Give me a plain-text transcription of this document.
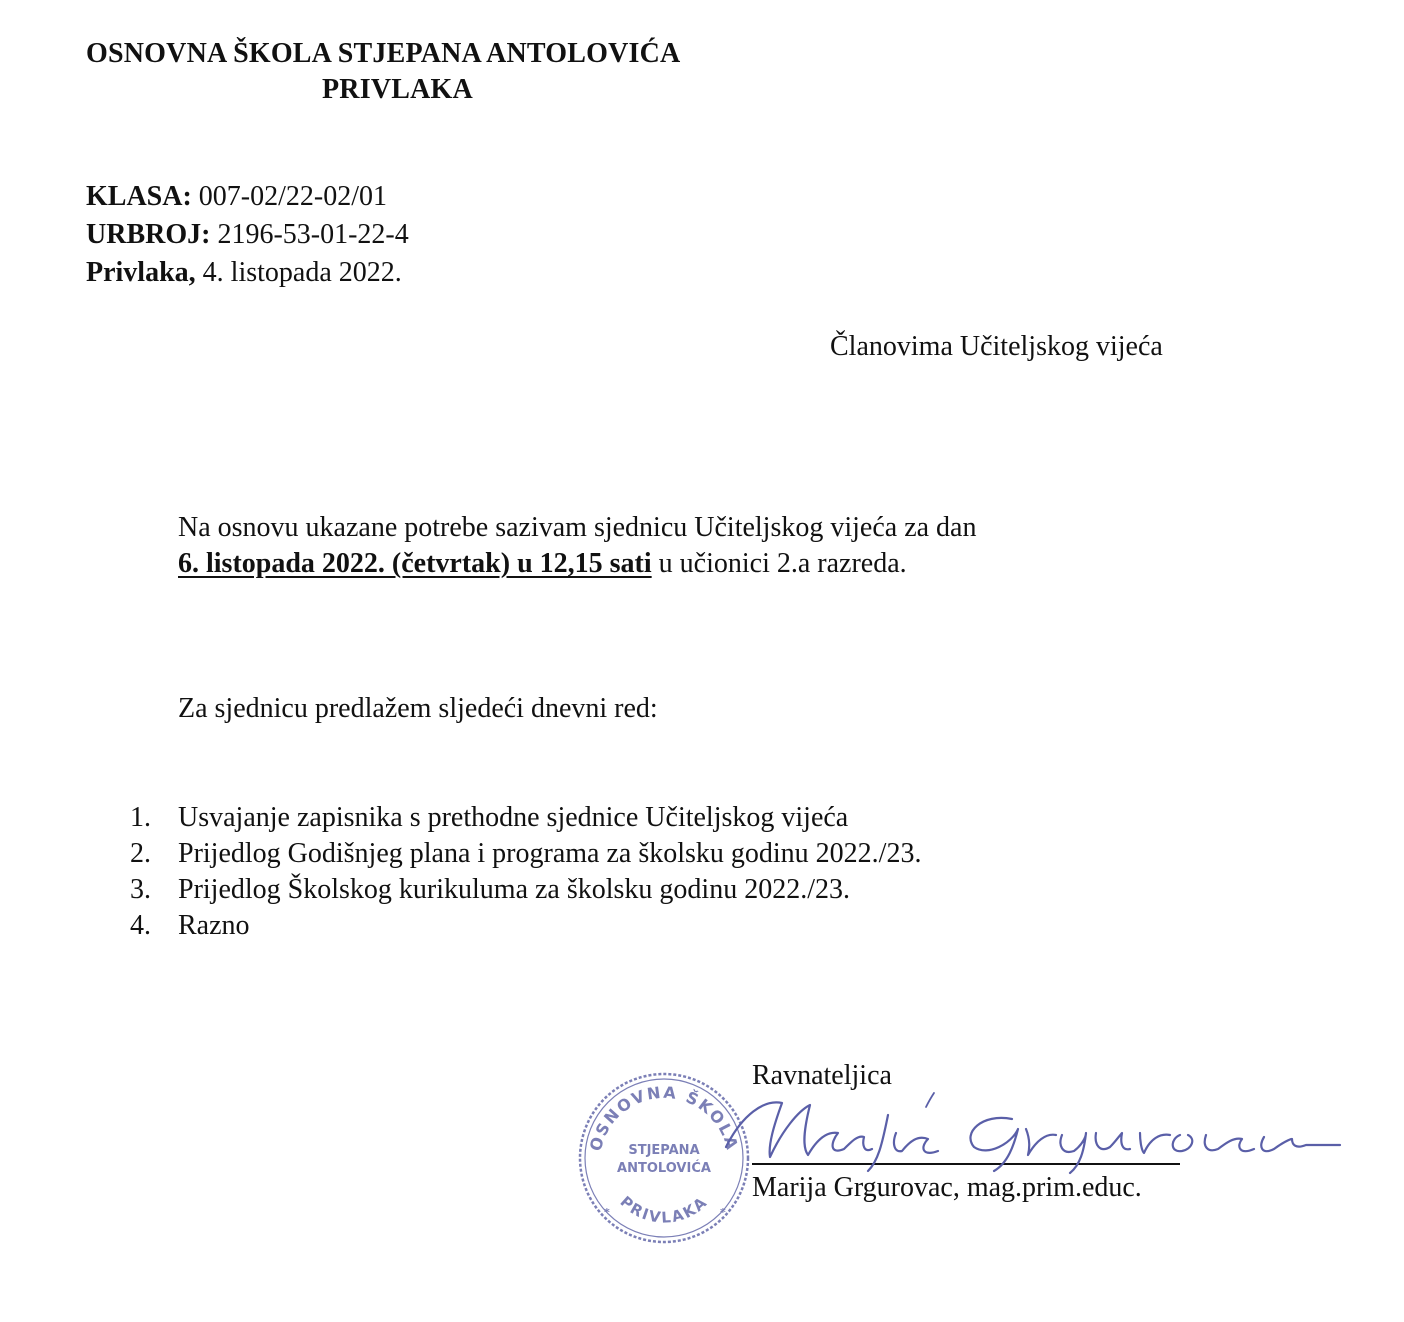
OSNOVNA ŠKOLA STJEPANA ANTOLOVIĆA
PRIVLAKA
KLASA: 007-02/22-02/01
URBROJ: 2196-53-01-22-4
Privlaka, 4. listopada 2022.
Članovima Učiteljskog vijeća
Na osnovu ukazane potrebe sazivam sjednicu Učiteljskog vijeća za dan
6. listopada 2022. (četvrtak) u 12,15 sati u učionici 2.a razreda.
Za sjednicu predlažem sljedeći dnevni red:
1. Usvajanje zapisnika s prethodne sjednice Učiteljskog vijeća
2. Prijedlog Godišnjeg plana i programa za školsku godinu 2022./23.
3. Prijedlog Školskog kurikuluma za školsku godinu 2022./23.
4. Razno
Ravnateljica
Marija Grgurovac, mag.prim.educ.
OSNOVNA ŠKOLA
STJEPANA
ANTOLOVIĆA
PRIVLAKA
*	*
